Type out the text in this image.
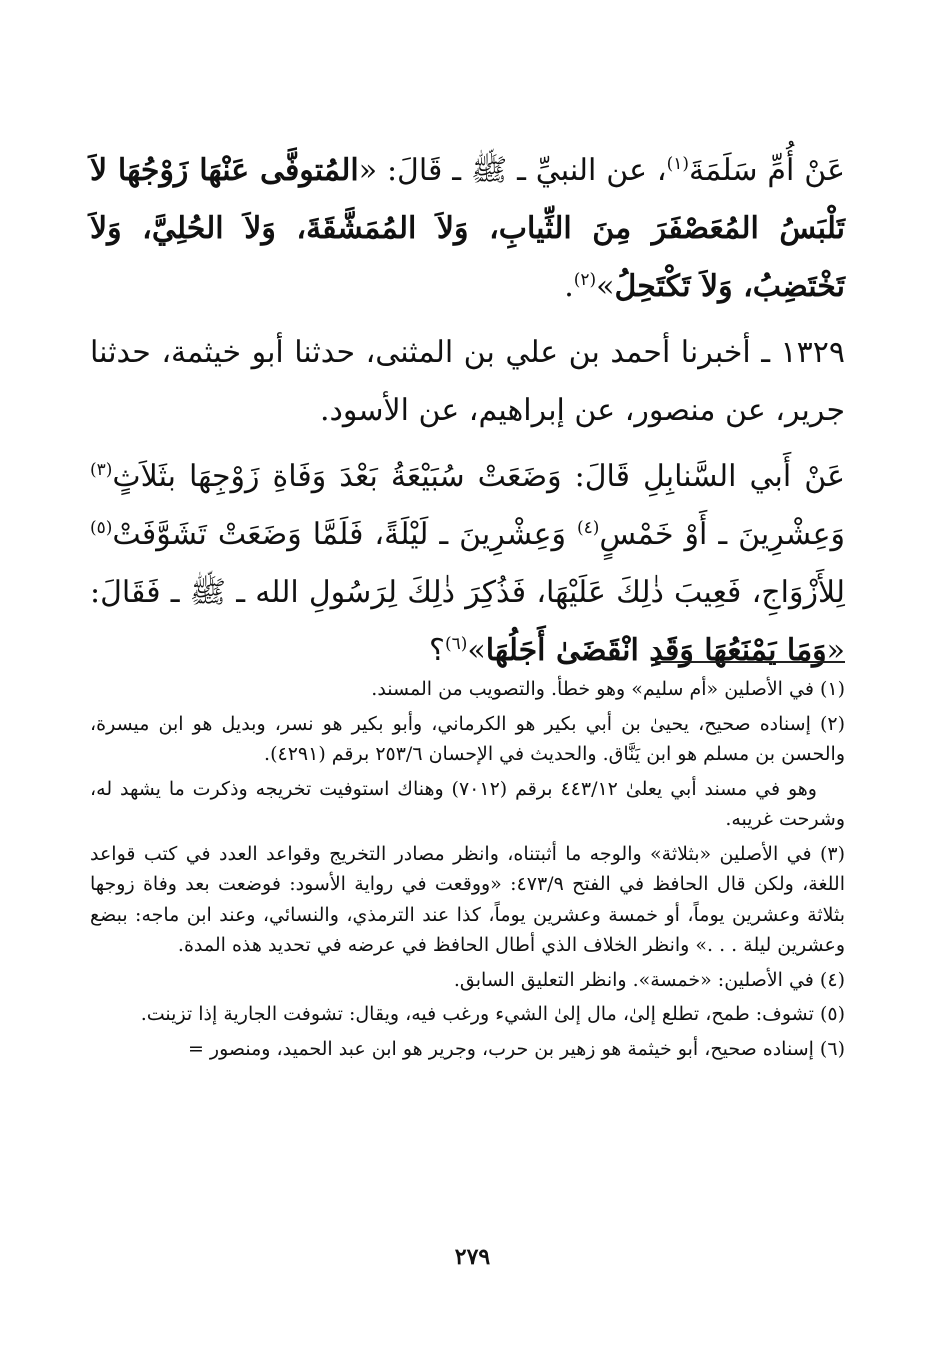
عَنْ أُمِّ سَلَمَةَ$^{(١)}$، عن النبيِّ ـ ﷺ ـ قَالَ: «المُتوفَّى عَنْهَا زَوْجُهَا لاَ تَلْبَسُ المُعَصْفَرَ مِنَ الثِّيابِ، وَلاَ المُمَشَّقَةَ، وَلاَ الحُلِيَّ، وَلاَ تَخْتَضِبُ، وَلاَ تَكْتَحِلُ»$^{(٢)}$.

١٣٢٩ ـ أخبرنا أحمد بن علي بن المثنى، حدثنا أبو خيثمة، حدثنا جرير، عن منصور، عن إبراهيم، عن الأسود.

عَنْ أَبي السَّنابِلِ قَالَ: وَضَعَتْ سُبَيْعَةُ بَعْدَ وَفَاةِ زَوْجِهَا بثَلاَثٍ$^{(٣)}$ وَعِشْرِينَ ـ أَوْ خَمْسٍ$^{(٤)}$ وَعِشْرِينَ ـ لَيْلَةً، فَلَمَّا وَضَعَتْ تَشَوَّفَتْ$^{(٥)}$ لِلأَزْوَاجِ، فَعِيبَ ذٰلِكَ عَلَيْهَا، فَذُكِرَ ذٰلِكَ لِرَسُولِ الله ـ ﷺ ـ فَقَالَ: «وَمَا يَمْنَعُهَا وَقَدِ انْقَضَىٰ أَجَلُهَا»$^{(٦)}$؟

(١) في الأصلين «أم سليم» وهو خطأ. والتصويب من المسند.

(٢) إسناده صحيح، يحيىٰ بن أبي بكير هو الكرماني، وأبو بكير هو نسر، وبديل هو ابن ميسرة، والحسن بن مسلم هو ابن يَنَّاق. والحديث في الإحسان ٢٥٣/٦ برقم (٤٢٩١).

وهو في مسند أبي يعلىٰ ٤٤٣/١٢ برقم (٧٠١٢) وهناك استوفيت تخريجه وذكرت ما يشهد له، وشرحت غريبه.

(٣) في الأصلين «بثلاثة» والوجه ما أثبتناه، وانظر مصادر التخريج وقواعد العدد في كتب قواعد اللغة، ولكن قال الحافظ في الفتح ٤٧٣/٩: «ووقعت في رواية الأسود: فوضعت بعد وفاة زوجها بثلاثة وعشرين يوماً، أو خمسة وعشرين يوماً، كذا عند الترمذي، والنسائي، وعند ابن ماجه: ببضع وعشرين ليلة . . .» وانظر الخلاف الذي أطال الحافظ في عرضه في تحديد هذه المدة.

(٤) في الأصلين: «خمسة». وانظر التعليق السابق.

(٥) تشوف: طمح، تطلع إلىٰ، مال إلىٰ الشيء ورغب فيه، ويقال: تشوفت الجارية إذا تزينت.

(٦) إسناده صحيح، أبو خيثمة هو زهير بن حرب، وجرير هو ابن عبد الحميد، ومنصور =

٢٧٩
